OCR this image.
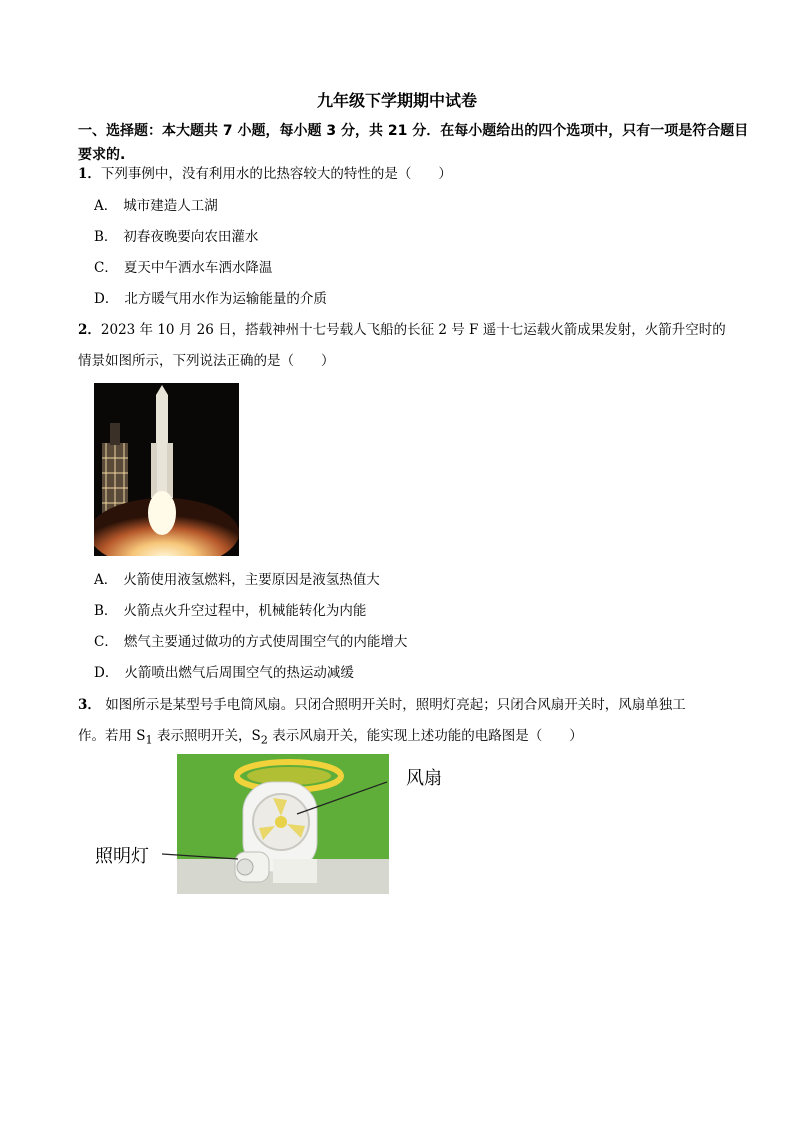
九年级下学期期中试卷
一、选择题：本大题共 7 小题，每小题 3 分，共 21 分．在每小题给出的四个选项中，只有一项是符合题目要求的.
1．下列事例中，没有利用水的比热容较大的特性的是（　　）
A． 城市建造人工湖
B． 初春夜晚要向农田灌水
C． 夏天中午洒水车洒水降温
D． 北方暖气用水作为运输能量的介质
2．2023 年 10 月 26 日，搭载神州十七号载人飞船的长征 2 号 F 遥十七运载火箭成果发射，火箭升空时的
情景如图所示，下列说法正确的是（　　）
A． 火箭使用液氢燃料，主要原因是液氢热值大
B． 火箭点火升空过程中，机械能转化为内能
C． 燃气主要通过做功的方式使周围空气的内能增大
D． 火箭喷出燃气后周围空气的热运动减缓
3． 如图所示是某型号手电筒风扇。只闭合照明开关时，照明灯亮起；只闭合风扇开关时，风扇单独工
作。若用 $S_1$ 表示照明开关，$S_2$ 表示风扇开关，能实现上述功能的电路图是（　　）
风扇
照明灯
